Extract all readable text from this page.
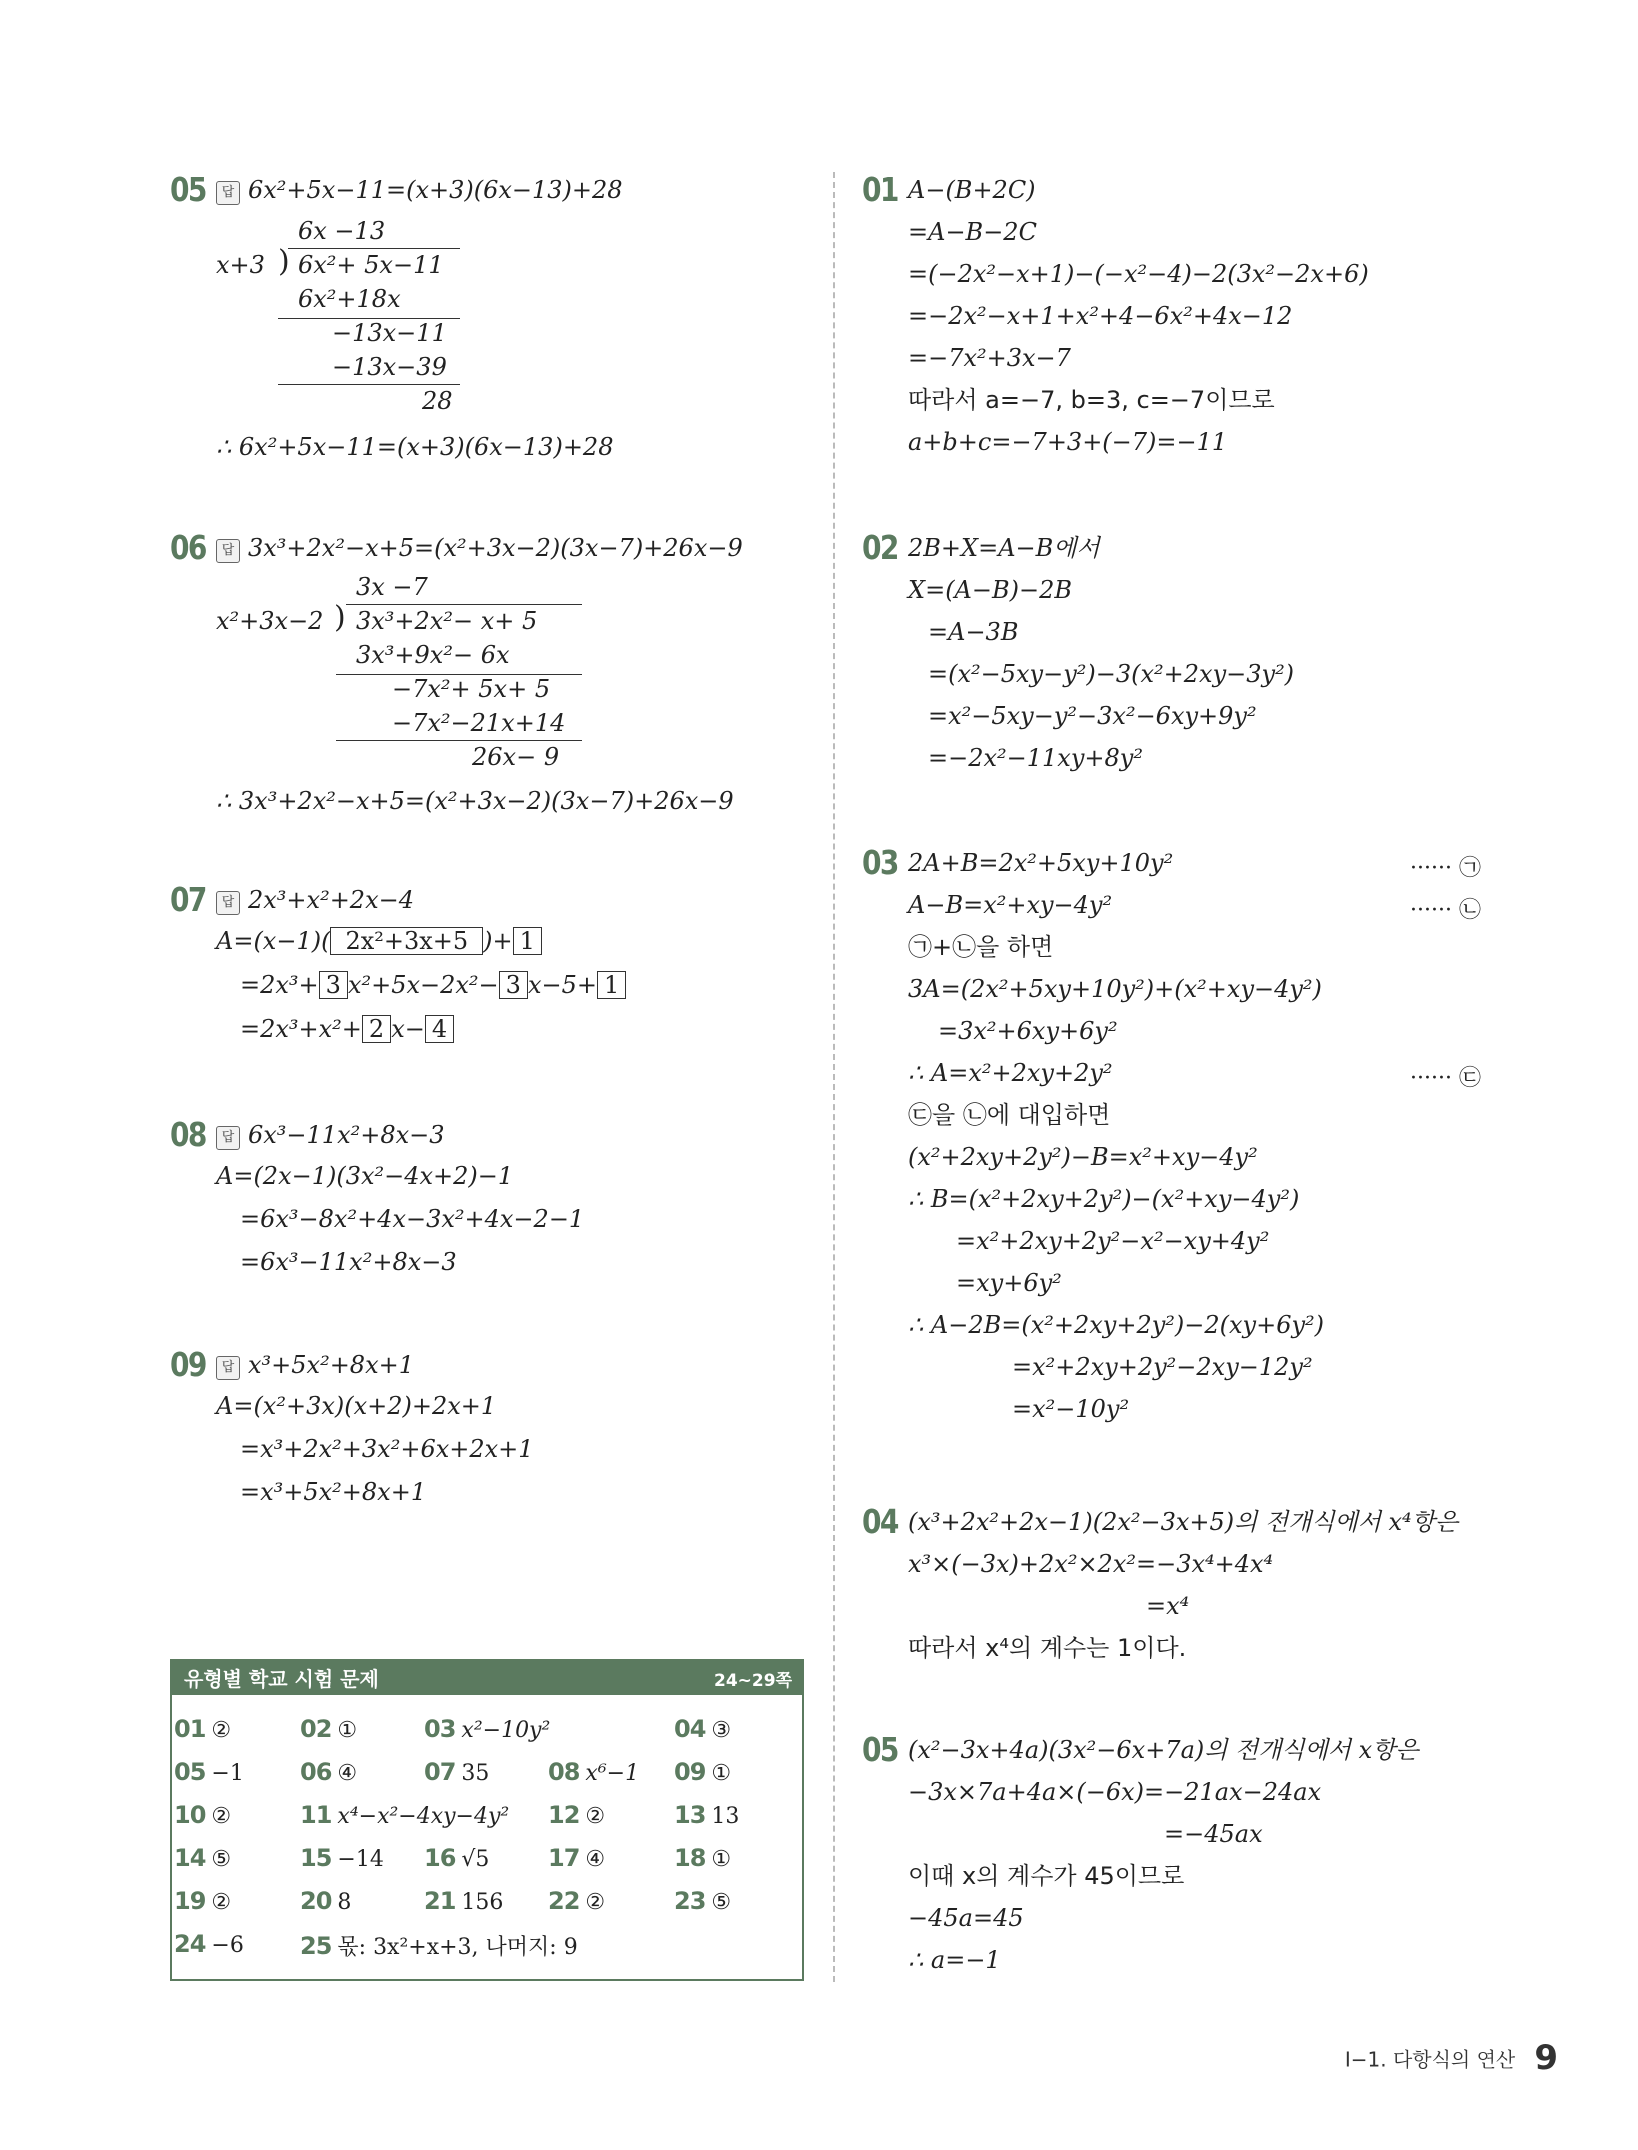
05	답 6x²+5x−11=(x+3)(6x−13)+28
6x −13
x+3 ) 6x²+ 5x−11
6x²+18x
−13x−11
−13x−39
28
∴ 6x²+5x−11=(x+3)(6x−13)+28
06	답 3x³+2x²−x+5=(x²+3x−2)(3x−7)+26x−9
3x −7
x²+3x−2 ) 3x³+2x²− x+ 5
3x³+9x²− 6x
−7x²+ 5x+ 5
−7x²−21x+14
26x− 9
∴ 3x³+2x²−x+5=(x²+3x−2)(3x−7)+26x−9
07	답 2x³+x²+2x−4
A=(x−1)( 2x²+3x+5 )+ 1
=2x³+ 3 x²+5x−2x²− 3 x−5+ 1
=2x³+x²+ 2 x− 4
08	답 6x³−11x²+8x−3
A=(2x−1)(3x²−4x+2)−1
=6x³−8x²+4x−3x²+4x−2−1
=6x³−11x²+8x−3
09	답 x³+5x²+8x+1
A=(x²+3x)(x+2)+2x+1
=x³+2x²+3x²+6x+2x+1
=x³+5x²+8x+1
유형별 학교 시험 문제	24~29쪽
01 ②	02 ①	03 x²−10y²	04 ③
05 −1 06 ④	07 35 08 x⁶−1 09 ①
10 ②	11 x⁴−x²−4xy−4y² 12 ②	13 13
14 ⑤	15 −14 16 √5 17 ④	18 ①
19 ②	20 8	21 156 22 ②	23 ⑤
24 −6 25 몫: 3x²+x+3, 나머지: 9
01 A−(B+2C)
=A−B−2C
=(−2x²−x+1)−(−x²−4)−2(3x²−2x+6)
=−2x²−x+1+x²+4−6x²+4x−12
=−7x²+3x−7
따라서 a=−7, b=3, c=−7이므로
a+b+c=−7+3+(−7)=−11
02 2B+X=A−B에서
X=(A−B)−2B
=A−3B
=(x²−5xy−y²)−3(x²+2xy−3y²)
=x²−5xy−y²−3x²−6xy+9y²
=−2x²−11xy+8y²
03 2A+B=2x²+5xy+10y²	······ ㉠
A−B=x²+xy−4y²	······ ㉡
㉠+㉡을 하면
3A=(2x²+5xy+10y²)+(x²+xy−4y²)
=3x²+6xy+6y²
∴ A=x²+2xy+2y²	······ ㉢
㉢을 ㉡에 대입하면
(x²+2xy+2y²)−B=x²+xy−4y²
∴ B=(x²+2xy+2y²)−(x²+xy−4y²)
=x²+2xy+2y²−x²−xy+4y²
=xy+6y²
∴ A−2B=(x²+2xy+2y²)−2(xy+6y²)
=x²+2xy+2y²−2xy−12y²
=x²−10y²
04 (x³+2x²+2x−1)(2x²−3x+5)의 전개식에서 x⁴항은
x³×(−3x)+2x²×2x²=−3x⁴+4x⁴
=x⁴
따라서 x⁴의 계수는 1이다.
05 (x²−3x+4a)(3x²−6x+7a)의 전개식에서 x항은
−3x×7a+4a×(−6x)=−21ax−24ax
=−45ax
이때 x의 계수가 45이므로
−45a=45
∴ a=−1
Ⅰ−1. 다항식의 연산 9
